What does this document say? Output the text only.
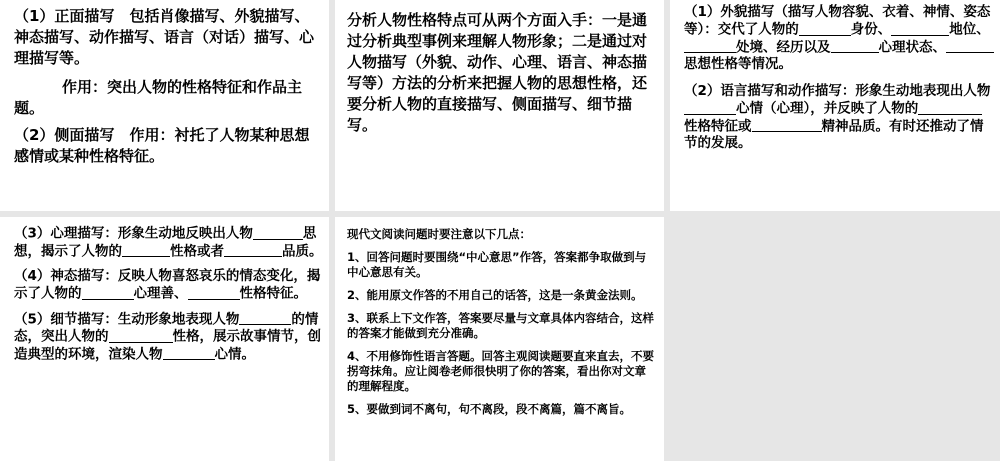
（1）正面描写　包括肖像描写、外貌描写、神态描写、动作描写、语言（对话）描写、心理描写等。

作用：突出人物的性格特征和作品主题。

（2）侧面描写　作用：衬托了人物某种思想感情或某种性格特征。

分析人物性格特点可从两个方面入手：一是通过分析典型事例来理解人物形象；二是通过对人物描写（外貌、动作、心理、语言、神态描写等）方法的分析来把握人物的思想性格，还要分析人物的直接描写、侧面描写、细节描写。

（1）外貌描写（描写人物容貌、衣着、神情、姿态等）：交代了人物的	身份、	地位、处境、经历以及	心理状态、思想性格等情况。

（2）语言描写和动作描写：形象生动地表现出人物心情（心理），并反映了人物的性格特征或	精神品质。有时还推动了情节的发展。

（3）心理描写：形象生动地反映出人物	思想，揭示了人物的	性格或者	品质。

（4）神态描写：反映人物喜怒哀乐的情态变化，揭示了人物的	心理善、	性格特征。

（5）细节描写：生动形象地表现人物	的情态，突出人物的	性格，展示故事情节，创造典型的环境，渲染人物	心情。

现代文阅读问题时要注意以下几点：

1、回答问题时要围绕“中心意思”作答，答案都争取做到与中心意思有关。

2、能用原文作答的不用自己的话答，这是一条黄金法则。

3、联系上下文作答，答案要尽量与文章具体内容结合，这样的答案才能做到充分准确。

4、不用修饰性语言答题。回答主观阅读题要直来直去，不要拐弯抹角。应让阅卷老师很快明了你的答案，看出你对文章的理解程度。

5、要做到词不离句，句不离段，段不离篇，篇不离旨。
